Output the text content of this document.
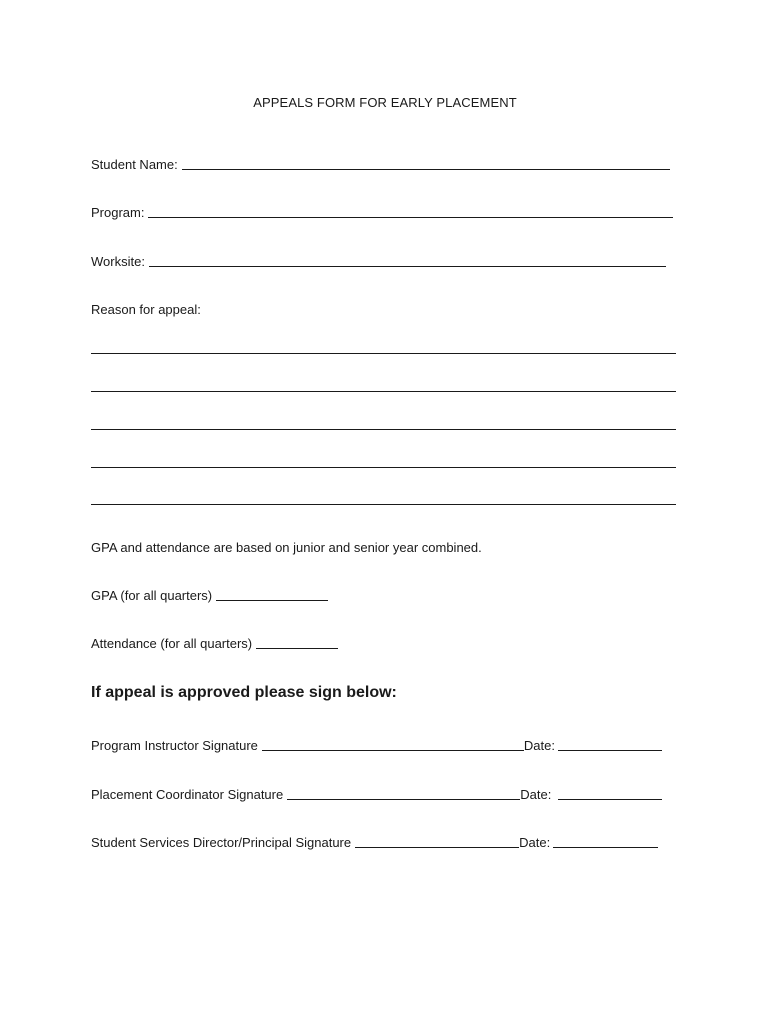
APPEALS FORM FOR EARLY PLACEMENT
Student Name:
Program:
Worksite:
Reason for appeal:
GPA and attendance are based on junior and senior year combined.
GPA (for all quarters)
Attendance (for all quarters)
If appeal is approved please sign below:
Program Instructor Signature	Date:
Placement Coordinator Signature	Date:
Student Services Director/Principal Signature	Date:
